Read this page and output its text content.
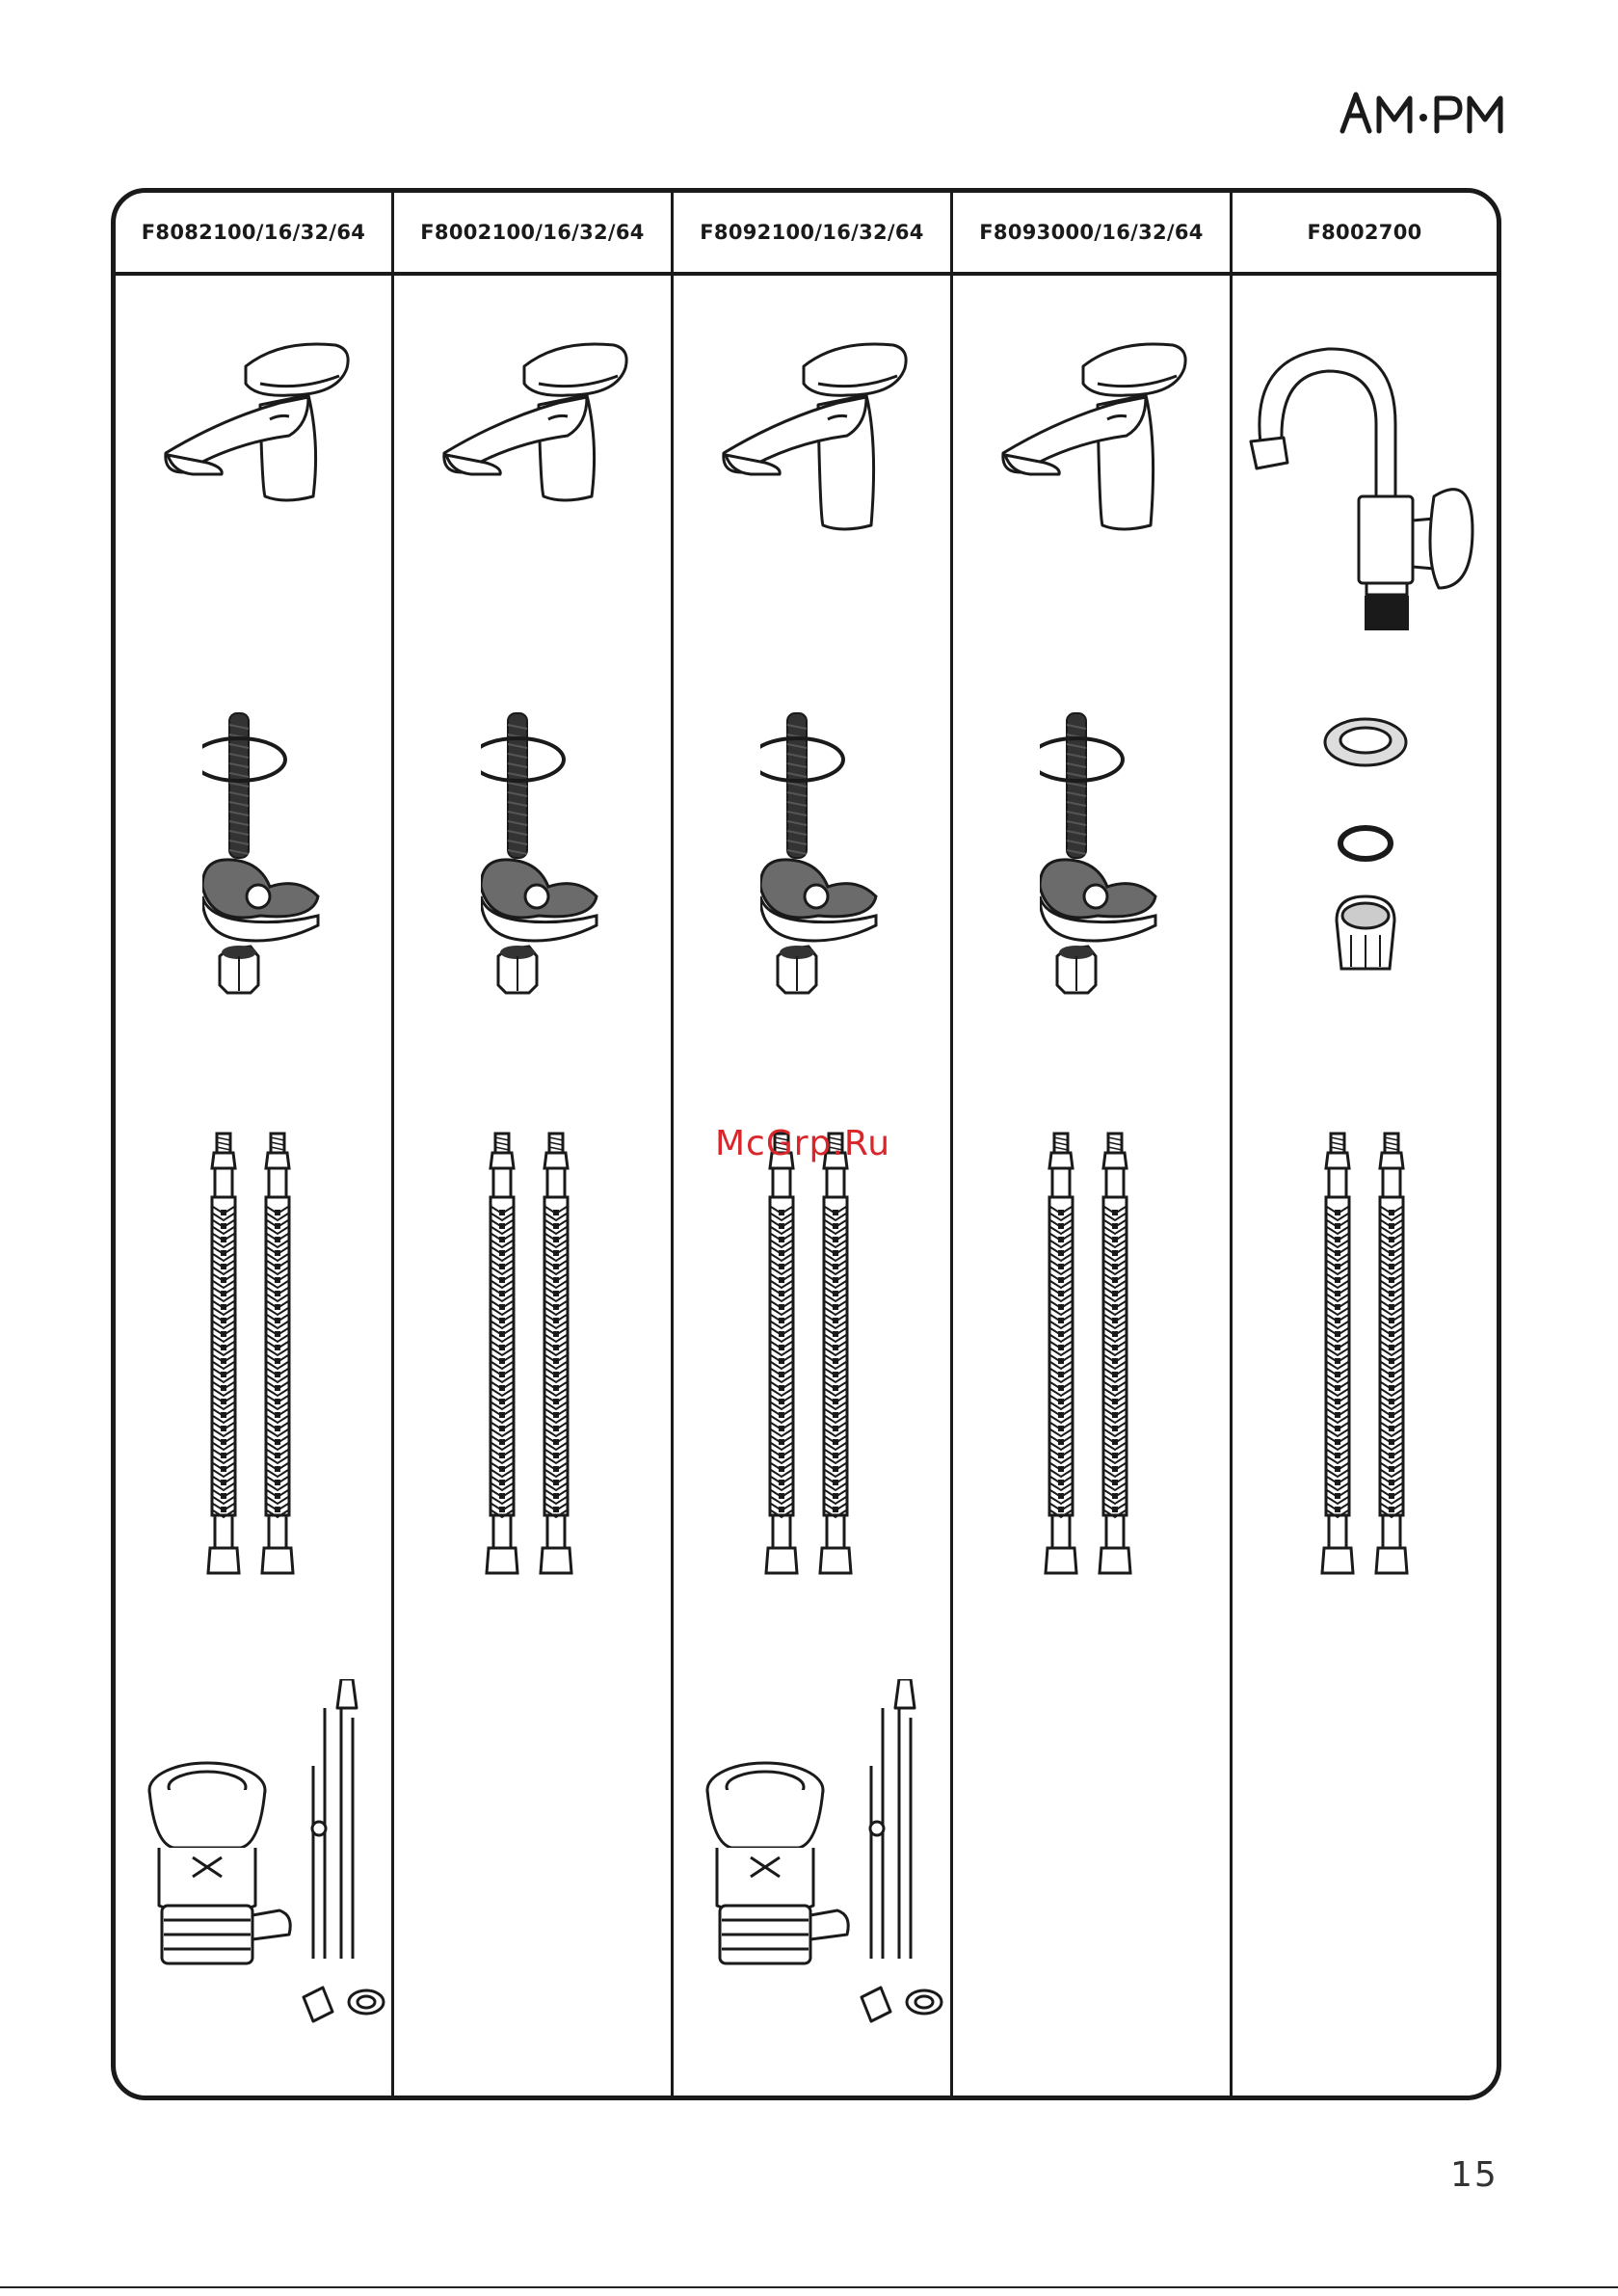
F8082100/16/32/64	F8002100/16/32/64	F8092100/16/32/64	F8093000/16/32/64	F8002700
McGrp.Ru
15
